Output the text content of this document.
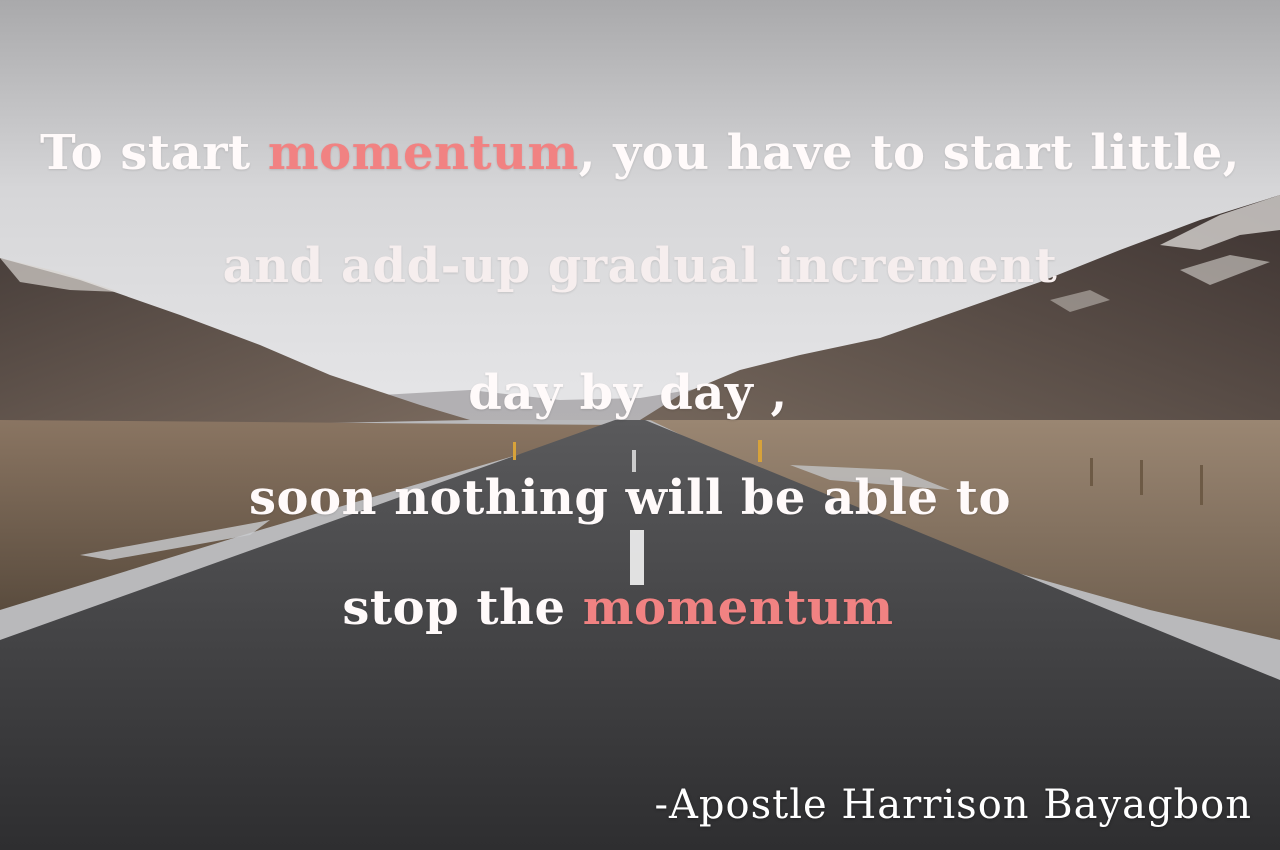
To start momentum, you have to start little,
and add-up gradual increment
day by day ,
soon nothing will be able to
stop the momentum
-Apostle Harrison Bayagbon
